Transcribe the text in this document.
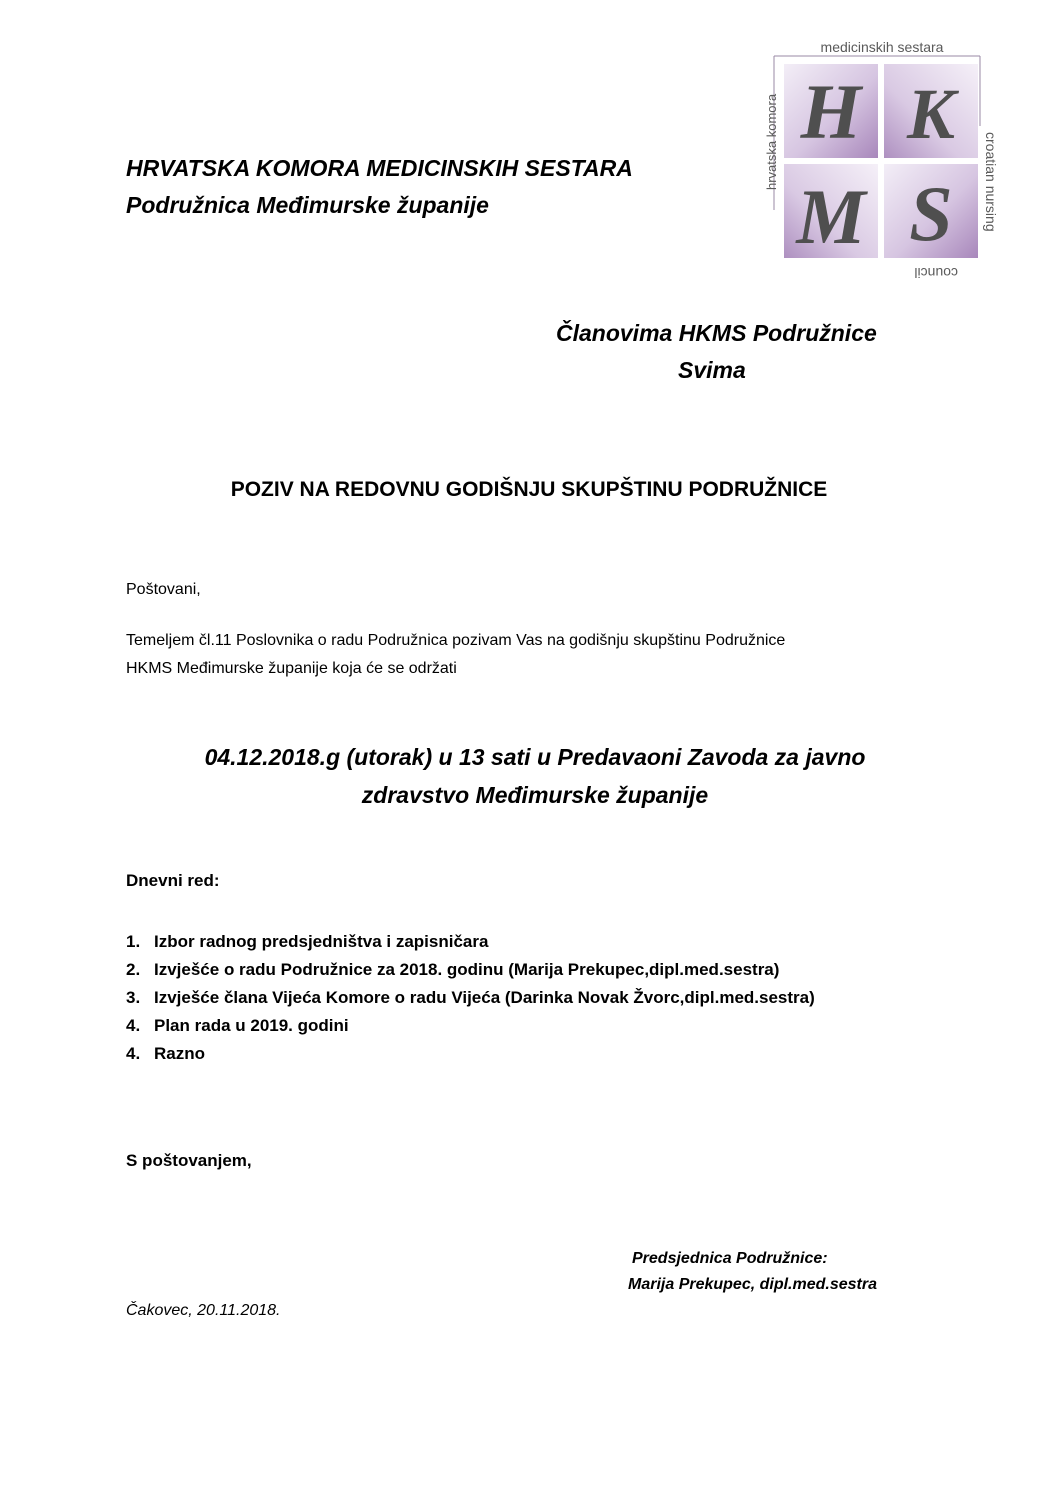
HRVATSKA KOMORA MEDICINSKIH SESTARA
Podružnica Međimurske županije
H K
M S
medicinskih sestara
hrvatska komora	croatian nursing
council
Članovima HKMS Podružnice
Svima
POZIV NA REDOVNU GODIŠNJU SKUPŠTINU PODRUŽNICE
Poštovani,
Temeljem čl.11 Poslovnika o radu Podružnica pozivam Vas na godišnju skupštinu Podružnice
HKMS Međimurske županije koja će se održati
04.12.2018.g (utorak) u 13 sati u Predavaoni Zavoda za javno
zdravstvo Međimurske županije
Dnevni red:
1. Izbor radnog predsjedništva i zapisničara
2. Izvješće o radu Podružnice za 2018. godinu (Marija Prekupec,dipl.med.sestra)
3. Izvješće člana Vijeća Komore o radu Vijeća (Darinka Novak Žvorc,dipl.med.sestra)
4. Plan rada u 2019. godini
4. Razno
S poštovanjem,
Predsjednica Podružnice:
Marija Prekupec, dipl.med.sestra
Čakovec, 20.11.2018.
